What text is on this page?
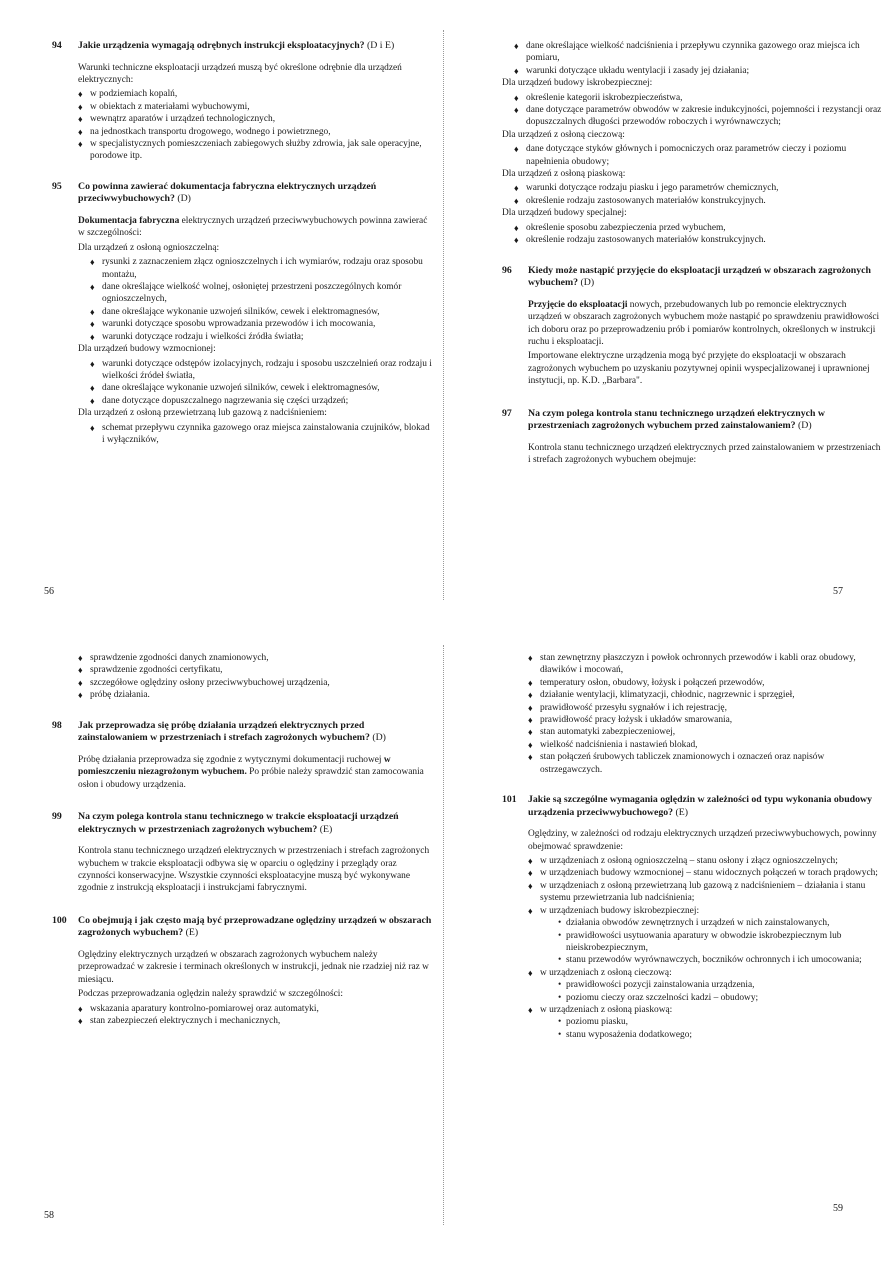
94	Jakie urządzenia wymagają odrębnych instrukcji eksploatacyjnych? (D i E)

Warunki techniczne eksploatacji urządzeń muszą być określone odrębnie dla urządzeń elektrycznych:

♦ w podziemiach kopalń,
♦ w obiektach z materiałami wybuchowymi,
♦ wewnątrz aparatów i urządzeń technologicznych,
♦ na jednostkach transportu drogowego, wodnego i powietrznego,
♦ w specjalistycznych pomieszczeniach zabiegowych służby zdrowia, jak sale operacyjne, porodowe itp.
95	Co powinna zawierać dokumentacja fabryczna elektrycznych urządzeń przeciwwybuchowych? (D)

Dokumentacja fabryczna elektrycznych urządzeń przeciwwybuchowych powinna zawierać w szczególności:

Dla urządzeń z osłoną ognioszczelną:

♦ rysunki z zaznaczeniem złącz ognioszczelnych i ich wymiarów, rodzaju oraz sposobu montażu,
♦ dane określające wielkość wolnej, osłoniętej przestrzeni poszczególnych komór ognioszczelnych,
♦ dane określające wykonanie uzwojeń silników, cewek i elektromagnesów,
♦ warunki dotyczące sposobu wprowadzania przewodów i ich mocowania,
♦ warunki dotyczące rodzaju i wielkości źródła światła;

Dla urządzeń budowy wzmocnionej:

♦ warunki dotyczące odstępów izolacyjnych, rodzaju i sposobu uszczelnień oraz rodzaju i wielkości źródeł światła,
♦ dane określające wykonanie uzwojeń silników, cewek i elektromagnesów,
♦ dane dotyczące dopuszczalnego nagrzewania się części urządzeń;

Dla urządzeń z osłoną przewietrzaną lub gazową z nadciśnieniem:

♦ schemat przepływu czynnika gazowego oraz miejsca zainstalowania czujników, blokad i wyłączników,
56
♦ dane określające wielkość nadciśnienia i przepływu czynnika gazowego oraz miejsca ich pomiaru,
♦ warunki dotyczące układu wentylacji i zasady jej działania;

Dla urządzeń budowy iskrobezpiecznej:

♦ określenie kategorii iskrobezpieczeństwa,
♦ dane dotyczące parametrów obwodów w zakresie indukcyjności, pojemności i rezystancji oraz dopuszczalnych długości przewodów roboczych i wyrównawczych;

Dla urządzeń z osłoną cieczową:

♦ dane dotyczące styków głównych i pomocniczych oraz parametrów cieczy i poziomu napełnienia obudowy;

Dla urządzeń z osłoną piaskową:

♦ warunki dotyczące rodzaju piasku i jego parametrów chemicznych,
♦ określenie rodzaju zastosowanych materiałów konstrukcyjnych.

Dla urządzeń budowy specjalnej:

♦ określenie sposobu zabezpieczenia przed wybuchem,
♦ określenie rodzaju zastosowanych materiałów konstrukcyjnych.
96	Kiedy może nastąpić przyjęcie do eksploatacji urządzeń w obszarach zagrożonych wybuchem? (D)

Przyjęcie do eksploatacji nowych, przebudowanych lub po remoncie elektrycznych urządzeń w obszarach zagrożonych wybuchem może nastąpić po sprawdzeniu prawidłowości ich doboru oraz po przeprowadzeniu prób i pomiarów kontrolnych, określonych w instrukcji ruchu i eksploatacji.

Importowane elektryczne urządzenia mogą być przyjęte do eksploatacji w obszarach zagrożonych wybuchem po uzyskaniu pozytywnej opinii wyspecjalizowanej i uprawnionej instytucji, np. K.D. „Barbara".

97	Na czym polega kontrola stanu technicznego urządzeń elektrycznych w przestrzeniach zagrożonych wybuchem przed zainstalowaniem? (D)

Kontrola stanu technicznego urządzeń elektrycznych przed zainstalowaniem w przestrzeniach i strefach zagrożonych wybuchem obejmuje:

57
♦ sprawdzenie zgodności danych znamionowych,
♦ sprawdzenie zgodności certyfikatu,
♦ szczegółowe oględziny osłony przeciwwybuchowej urządzenia,
♦ próbę działania.
98	Jak przeprowadza się próbę działania urządzeń elektrycznych przed zainstalowaniem w przestrzeniach i strefach zagrożonych wybuchem? (D)

Próbę działania przeprowadza się zgodnie z wytycznymi dokumentacji ruchowej w pomieszczeniu niezagrożonym wybuchem. Po próbie należy sprawdzić stan zamocowania osłon i obudowy urządzenia.

99	Na czym polega kontrola stanu technicznego w trakcie eksploatacji urządzeń elektrycznych w przestrzeniach zagrożonych wybuchem? (E)

Kontrola stanu technicznego urządzeń elektrycznych w przestrzeniach i strefach zagrożonych wybuchem w trakcie eksploatacji odbywa się w oparciu o oględziny i przeglądy oraz czynności konserwacyjne. Wszystkie czynności eksploatacyjne muszą być wykonywane zgodnie z instrukcją eksploatacji i instrukcjami fabrycznymi.

100	Co obejmują i jak często mają być przeprowadzane oględziny urządzeń w obszarach zagrożonych wybuchem? (E)

Oględziny elektrycznych urządzeń w obszarach zagrożonych wybuchem należy przeprowadzać w zakresie i terminach określonych w instrukcji, jednak nie rzadziej niż raz w miesiącu.

Podczas przeprowadzania oględzin należy sprawdzić w szczególności:

♦ wskazania aparatury kontrolno-pomiarowej oraz automatyki,
♦ stan zabezpieczeń elektrycznych i mechanicznych,
58
♦ stan zewnętrzny płaszczyzn i powłok ochronnych przewodów i kabli oraz obudowy, dławików i mocowań,
♦ temperatury osłon, obudowy, łożysk i połączeń przewodów,
♦ działanie wentylacji, klimatyzacji, chłodnic, nagrzewnic i sprzęgieł,
♦ prawidłowość przesyłu sygnałów i ich rejestrację,
♦ prawidłowość pracy łożysk i układów smarowania,
♦ stan automatyki zabezpieczeniowej,
♦ wielkość nadciśnienia i nastawień blokad,
♦ stan połączeń śrubowych tabliczek znamionowych i oznaczeń oraz napisów ostrzegawczych.
101	Jakie są szczególne wymagania oględzin w zależności od typu wykonania obudowy urządzenia przeciwwybuchowego? (E)

Oględziny, w zależności od rodzaju elektrycznych urządzeń przeciwwybuchowych, powinny obejmować sprawdzenie:

♦ w urządzeniach z osłoną ognioszczelną – stanu osłony i złącz ognioszczelnych;
♦ w urządzeniach budowy wzmocnionej – stanu widocznych połączeń w torach prądowych;
♦ w urządzeniach z osłoną przewietrzaną lub gazową z nadciśnieniem – działania i stanu systemu przewietrzania lub nadciśnienia;
♦ w urządzeniach budowy iskrobezpiecznej:
• działania obwodów zewnętrznych i urządzeń w nich zainstalowanych,
• prawidłowości usytuowania aparatury w obwodzie iskrobezpiecznym lub nieiskrobezpiecznym,
• stanu przewodów wyrównawczych, boczników ochronnych i ich umocowania;
♦ w urządzeniach z osłoną cieczową:
• prawidłowości pozycji zainstalowania urządzenia,
• poziomu cieczy oraz szczelności kadzi – obudowy;
♦ w urządzeniach z osłoną piaskową:
• poziomu piasku,
• stanu wyposażenia dodatkowego;
59
